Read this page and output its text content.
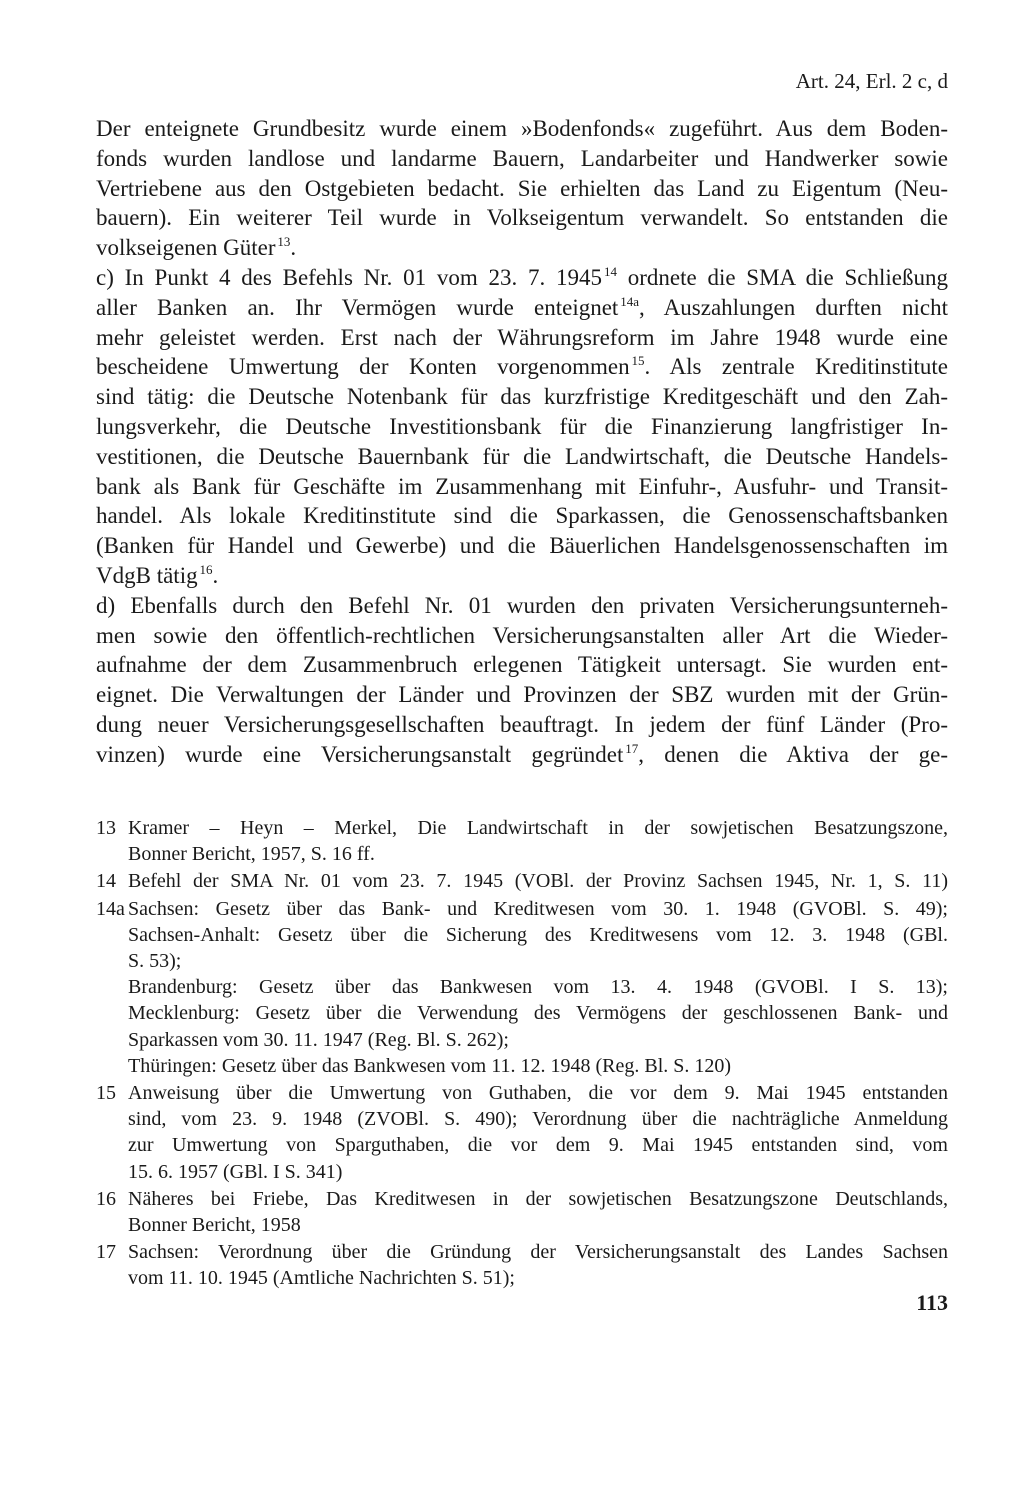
Art. 24, Erl. 2 c, d
Der enteignete Grundbesitz wurde einem »Bodenfonds« zugeführt. Aus dem Boden-
fonds wurden landlose und landarme Bauern, Landarbeiter und Handwerker sowie
Vertriebene aus den Ostgebieten bedacht. Sie erhielten das Land zu Eigentum (Neu-
bauern). Ein weiterer Teil wurde in Volkseigentum verwandelt. So entstanden die
volkseigenen Güter  $^{13}$.
c) In Punkt 4 des Befehls Nr. 01 vom 23. 7. 1945  $^{14}$ ordnete die SMA die Schließung
aller Banken an. Ihr Vermögen wurde enteignet  $^{14a}$, Auszahlungen durften nicht
mehr geleistet werden. Erst nach der Währungsreform im Jahre 1948 wurde eine
bescheidene Umwertung der Konten vorgenommen  $^{15}$. Als zentrale Kreditinstitute
sind tätig: die Deutsche Notenbank für das kurzfristige Kreditgeschäft und den Zah-
lungsverkehr, die Deutsche Investitionsbank für die Finanzierung langfristiger In-
vestitionen, die Deutsche Bauernbank für die Landwirtschaft, die Deutsche Handels-
bank als Bank für Geschäfte im Zusammenhang mit Einfuhr-, Ausfuhr- und Transit-
handel. Als lokale Kreditinstitute sind die Sparkassen, die Genossenschaftsbanken
(Banken für Handel und Gewerbe) und die Bäuerlichen Handelsgenossenschaften im
VdgB tätig  $^{16}$.
d) Ebenfalls durch den Befehl Nr. 01 wurden den privaten Versicherungsunterneh-
men sowie den öffentlich-rechtlichen Versicherungsanstalten aller Art die Wieder-
aufnahme der dem Zusammenbruch erlegenen Tätigkeit untersagt. Sie wurden ent-
eignet. Die Verwaltungen der Länder und Provinzen der SBZ wurden mit der Grün-
dung neuer Versicherungsgesellschaften beauftragt. In jedem der fünf Länder (Pro-
vinzen) wurde eine Versicherungsanstalt gegründet  $^{17}$, denen die Aktiva der ge-
13 Kramer – Heyn – Merkel, Die Landwirtschaft in der sowjetischen Besatzungszone,
Bonner Bericht, 1957, S. 16 ff.
14 Befehl der SMA Nr. 01 vom 23. 7. 1945 (VOBl. der Provinz Sachsen 1945, Nr. 1, S. 11)
14a Sachsen: Gesetz über das Bank- und Kreditwesen vom 30. 1. 1948 (GVOBl. S. 49);
Sachsen-Anhalt: Gesetz über die Sicherung des Kreditwesens vom 12. 3. 1948 (GBl.
S. 53);
Brandenburg: Gesetz über das Bankwesen vom 13. 4. 1948 (GVOBl. I S. 13);
Mecklenburg: Gesetz über die Verwendung des Vermögens der geschlossenen Bank- und
Sparkassen vom 30. 11. 1947 (Reg. Bl. S. 262);
Thüringen: Gesetz über das Bankwesen vom 11. 12. 1948 (Reg. Bl. S. 120)
15 Anweisung über die Umwertung von Guthaben, die vor dem 9. Mai 1945 entstanden
sind, vom 23. 9. 1948 (ZVOBl. S. 490); Verordnung über die nachträgliche Anmeldung
zur Umwertung von Sparguthaben, die vor dem 9. Mai 1945 entstanden sind, vom
15. 6. 1957 (GBl. I S. 341)
16 Näheres bei Friebe, Das Kreditwesen in der sowjetischen Besatzungszone Deutschlands,
Bonner Bericht, 1958
17 Sachsen: Verordnung über die Gründung der Versicherungsanstalt des Landes Sachsen
vom 11. 10. 1945 (Amtliche Nachrichten S. 51);
113
